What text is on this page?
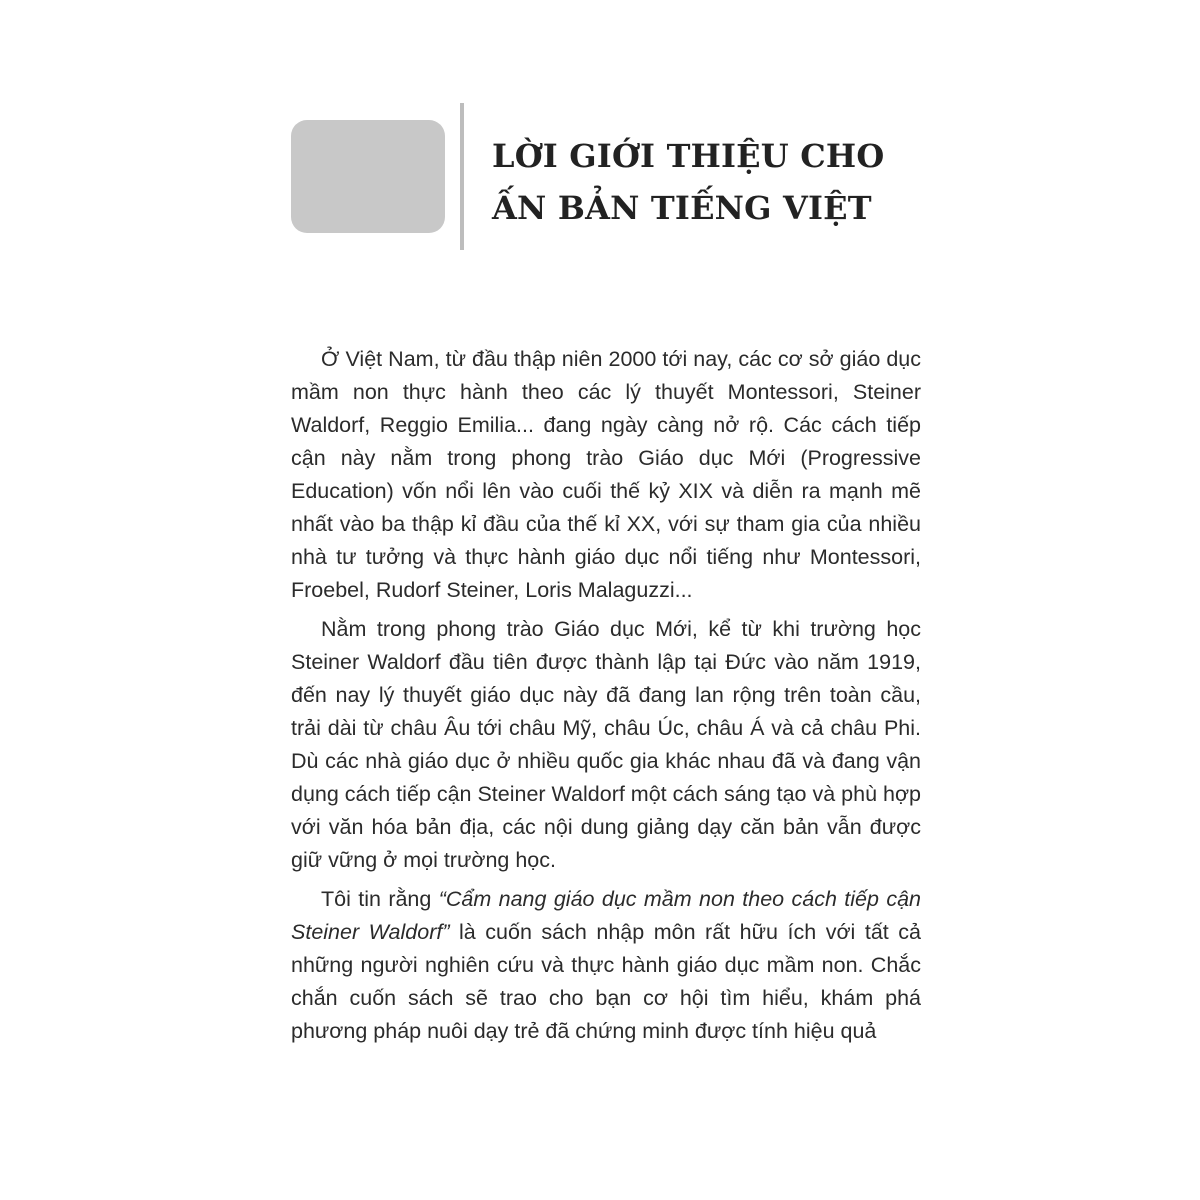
LỜI GIỚI THIỆU CHO
ẤN BẢN TIẾNG VIỆT

Ở Việt Nam, từ đầu thập niên 2000 tới nay, các cơ sở giáo dục mầm non thực hành theo các lý thuyết Montessori, Steiner Waldorf, Reggio Emilia... đang ngày càng nở rộ. Các cách tiếp cận này nằm trong phong trào Giáo dục Mới (Progressive Education) vốn nổi lên vào cuối thế kỷ XIX và diễn ra mạnh mẽ nhất vào ba thập kỉ đầu của thế kỉ XX, với sự tham gia của nhiều nhà tư tưởng và thực hành giáo dục nổi tiếng như Montessori, Froebel, Rudorf Steiner, Loris Malaguzzi...

Nằm trong phong trào Giáo dục Mới, kể từ khi trường học Steiner Waldorf đầu tiên được thành lập tại Đức vào năm 1919, đến nay lý thuyết giáo dục này đã đang lan rộng trên toàn cầu, trải dài từ châu Âu tới châu Mỹ, châu Úc, châu Á và cả châu Phi. Dù các nhà giáo dục ở nhiều quốc gia khác nhau đã và đang vận dụng cách tiếp cận Steiner Waldorf một cách sáng tạo và phù hợp với văn hóa bản địa, các nội dung giảng dạy căn bản vẫn được giữ vững ở mọi trường học.

Tôi tin rằng “Cẩm nang giáo dục mầm non theo cách tiếp cận Steiner Waldorf” là cuốn sách nhập môn rất hữu ích với tất cả những người nghiên cứu và thực hành giáo dục mầm non. Chắc chắn cuốn sách sẽ trao cho bạn cơ hội tìm hiểu, khám phá phương pháp nuôi dạy trẻ đã chứng minh được tính hiệu quả
